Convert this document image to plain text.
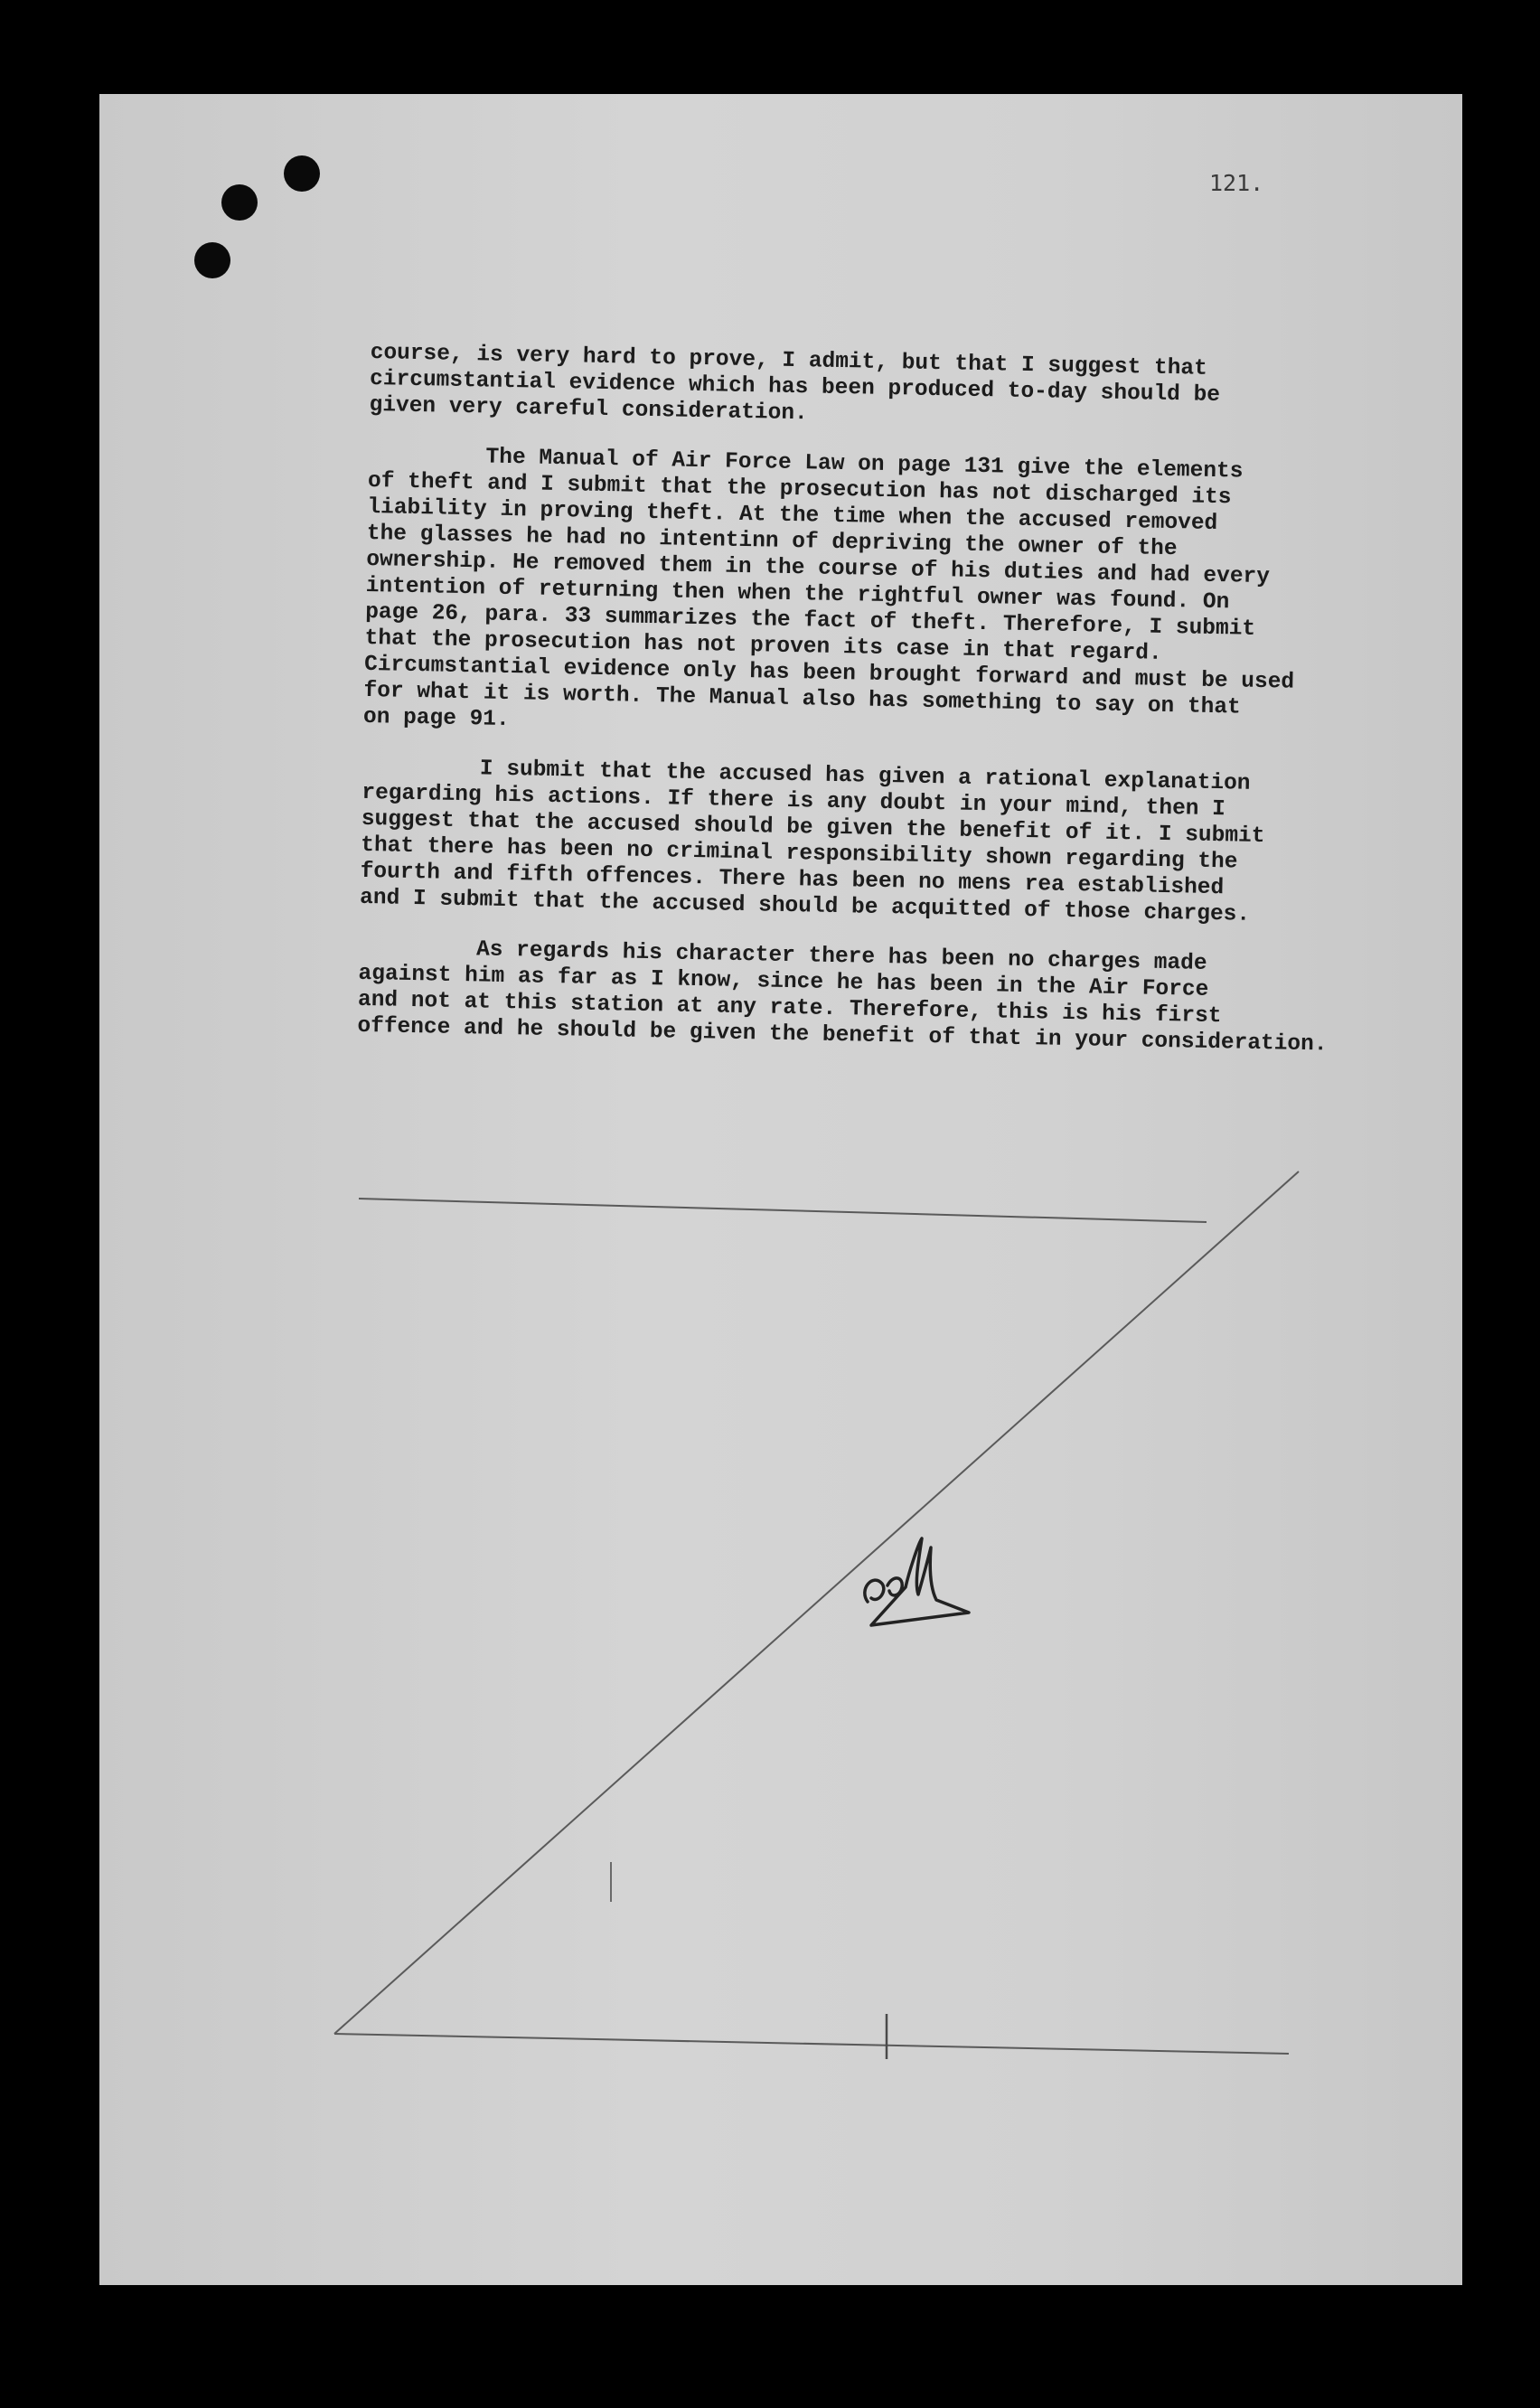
121.

course, is very hard to prove, I admit, but that I suggest that
circumstantial evidence which has been produced to-day should be
given very careful consideration.

The Manual of Air Force Law on page 131 give the elements
of theft and I submit that the prosecution has not discharged its
liability in proving theft. At the time when the accused removed
the glasses he had no intentinn of depriving the owner of the
ownership. He removed them in the course of his duties and had every
intention of returning then when the rightful owner was found. On
page 26, para. 33 summarizes the fact of theft. Therefore, I submit
that the prosecution has not proven its case in that regard.
Circumstantial evidence only has been brought forward and must be used
for what it is worth. The Manual also has something to say on that
on page 91.

I submit that the accused has given a rational explanation
regarding his actions. If there is any doubt in your mind, then I
suggest that the accused should be given the benefit of it. I submit
that there has been no criminal responsibility shown regarding the
fourth and fifth offences. There has been no mens rea established
and I submit that the accused should be acquitted of those charges.

As regards his character there has been no charges made
against him as far as I know, since he has been in the Air Force
and not at this station at any rate. Therefore, this is his first
offence and he should be given the benefit of that in your consideration.
